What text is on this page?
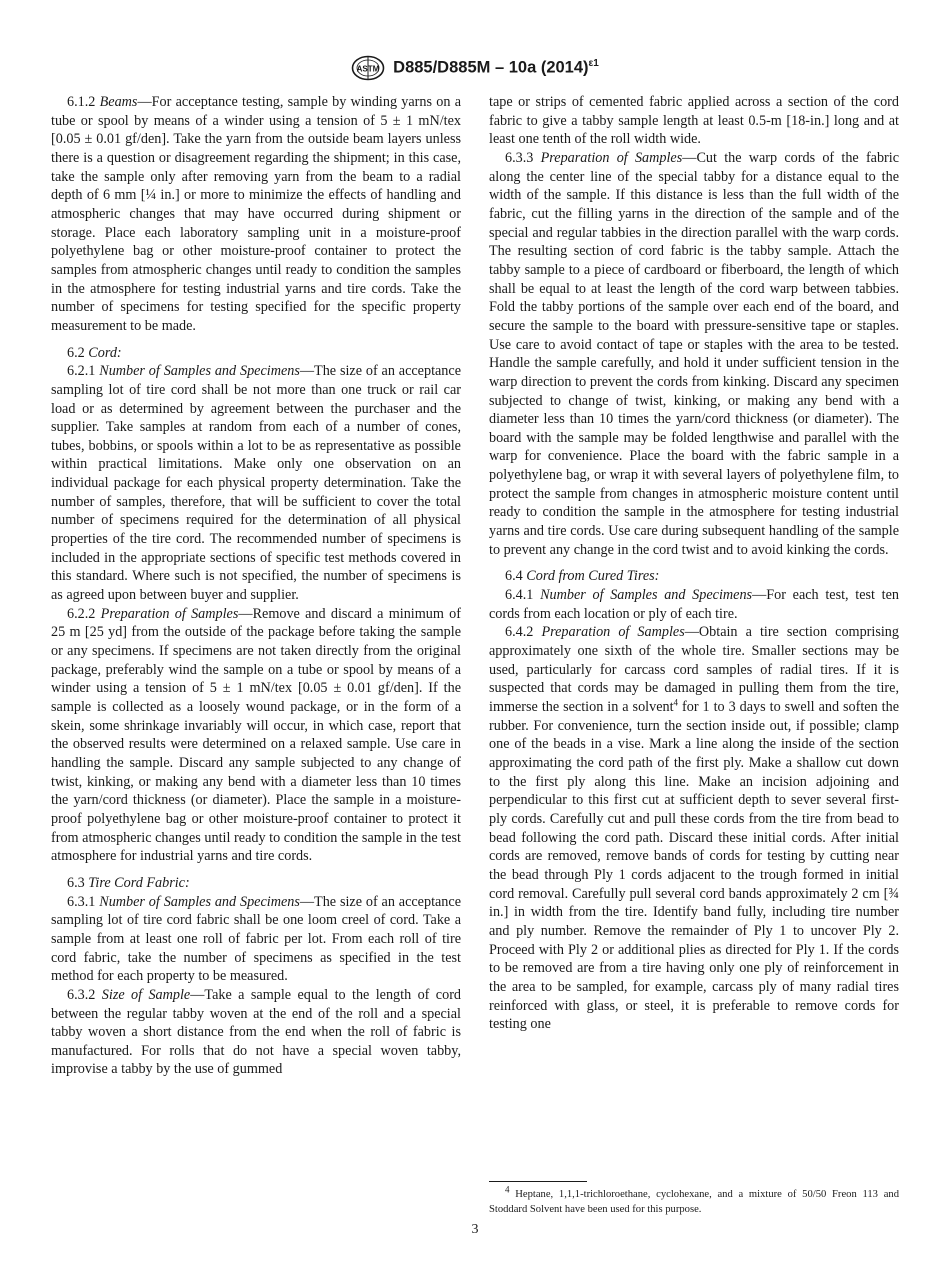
ASTM D885/D885M – 10a $(2014)^{\varepsilon 1}$

6.1.2 Beams—For acceptance testing, sample by winding yarns on a tube or spool by means of a winder using a tension of 5 ± 1 mN/tex [0.05 ± 0.01 gf/den]. Take the yarn from the outside beam layers unless there is a question or disagreement regarding the shipment; in this case, take the sample only after removing yarn from the beam to a radial depth of 6 mm [¼ in.] or more to minimize the effects of handling and atmospheric changes that may have occurred during shipment or storage. Place each laboratory sampling unit in a moisture-proof polyethylene bag or other moisture-proof container to protect the samples from atmospheric changes until ready to condition the samples in the atmosphere for testing industrial yarns and tire cords. Take the number of specimens for testing specified for the specific property measurement to be made.

6.2 Cord:

6.2.1 Number of Samples and Specimens—The size of an acceptance sampling lot of tire cord shall be not more than one truck or rail car load or as determined by agreement between the purchaser and the supplier. Take samples at random from each of a number of cones, tubes, bobbins, or spools within a lot to be as representative as possible within practical limitations. Make only one observation on an individual package for each physical property determination. Take the number of samples, therefore, that will be sufficient to cover the total number of specimens required for the determination of all physical properties of the tire cord. The recommended number of specimens is included in the appropriate sections of specific test methods covered in this standard. Where such is not specified, the number of specimens is as agreed upon between buyer and supplier.

6.2.2 Preparation of Samples—Remove and discard a minimum of 25 m [25 yd] from the outside of the package before taking the sample or any specimens. If specimens are not taken directly from the original package, preferably wind the sample on a tube or spool by means of a winder using a tension of 5 ± 1 mN/tex [0.05 ± 0.01 gf/den]. If the sample is collected as a loosely wound package, or in the form of a skein, some shrinkage invariably will occur, in which case, report that the observed results were determined on a relaxed sample. Use care in handling the sample. Discard any sample subjected to any change of twist, kinking, or making any bend with a diameter less than 10 times the yarn/cord thickness (or diameter). Place the sample in a moisture-proof polyethylene bag or other moisture-proof container to protect it from atmospheric changes until ready to condition the sample in the test atmosphere for industrial yarns and tire cords.

6.3 Tire Cord Fabric:

6.3.1 Number of Samples and Specimens—The size of an acceptance sampling lot of tire cord fabric shall be one loom creel of cord. Take a sample from at least one roll of fabric per lot. From each roll of tire cord fabric, take the number of specimens as specified in the test method for each property to be measured.

6.3.2 Size of Sample—Take a sample equal to the length of cord between the regular tabby woven at the end of the roll and a special tabby woven a short distance from the end when the roll of fabric is manufactured. For rolls that do not have a special woven tabby, improvise a tabby by the use of gummed

tape or strips of cemented fabric applied across a section of the cord fabric to give a tabby sample length at least 0.5-m [18-in.] long and at least one tenth of the roll width wide.

6.3.3 Preparation of Samples—Cut the warp cords of the fabric along the center line of the special tabby for a distance equal to the width of the sample. If this distance is less than the full width of the fabric, cut the filling yarns in the direction of the sample and of the special and regular tabbies in the direction parallel with the warp cords. The resulting section of cord fabric is the tabby sample. Attach the tabby sample to a piece of cardboard or fiberboard, the length of which shall be equal to at least the length of the cord warp between tabbies. Fold the tabby portions of the sample over each end of the board, and secure the sample to the board with pressure-sensitive tape or staples. Use care to avoid contact of tape or staples with the area to be tested. Handle the sample carefully, and hold it under sufficient tension in the warp direction to prevent the cords from kinking. Discard any specimen subjected to change of twist, kinking, or making any bend with a diameter less than 10 times the yarn/cord thickness (or diameter). The board with the sample may be folded lengthwise and parallel with the warp for convenience. Place the board with the fabric sample in a polyethylene bag, or wrap it with several layers of polyethylene film, to protect the sample from changes in atmospheric moisture content until ready to condition the sample in the atmosphere for testing industrial yarns and tire cords. Use care during subsequent handling of the sample to prevent any change in the cord twist and to avoid kinking the cords.

6.4 Cord from Cured Tires:

6.4.1 Number of Samples and Specimens—For each test, test ten cords from each location or ply of each tire.

6.4.2 Preparation of Samples—Obtain a tire section comprising approximately one sixth of the whole tire. Smaller sections may be used, particularly for carcass cord samples of radial tires. If it is suspected that cords may be damaged in pulling them from the tire, immerse the section in a solvent$^4$ for 1 to 3 days to swell and soften the rubber. For convenience, turn the section inside out, if possible; clamp one of the beads in a vise. Mark a line along the inside of the section approximating the cord path of the first ply. Make a shallow cut down to the first ply along this line. Make an incision adjoining and perpendicular to this first cut at sufficient depth to sever several first-ply cords. Carefully cut and pull these cords from the tire from bead to bead following the cord path. Discard these initial cords. After initial cords are removed, remove bands of cords for testing by cutting near the bead through Ply 1 cords adjacent to the trough formed in initial cord removal. Carefully pull several cord bands approximately 2 cm [¾ in.] in width from the tire. Identify band fully, including tire number and ply number. Remove the remainder of Ply 1 to uncover Ply 2. Proceed with Ply 2 or additional plies as directed for Ply 1. If the cords to be removed are from a tire having only one ply of reinforcement in the area to be sampled, for example, carcass ply of many radial tires reinforced with glass, or steel, it is preferable to remove cords for testing one

$^4$ Heptane, 1,1,1-trichloroethane, cyclohexane, and a mixture of 50/50 Freon 113 and Stoddard Solvent have been used for this purpose.

3
